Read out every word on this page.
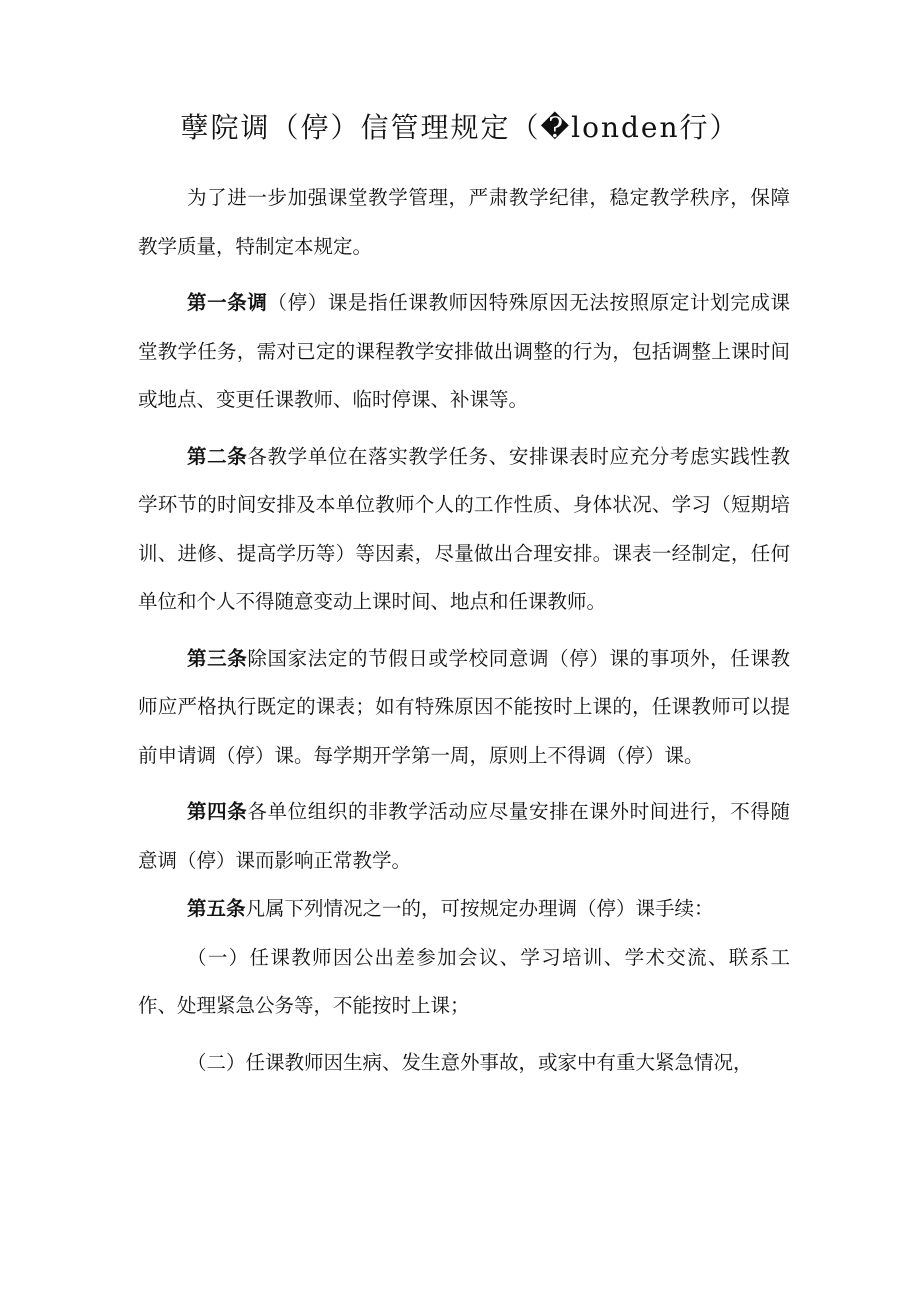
孽院调（停）信管理规定（�londen行）

为了进一步加强课堂教学管理，严肃教学纪律，稳定教学秩序，保障教学质量，特制定本规定。

第一条调（停）课是指任课教师因特殊原因无法按照原定计划完成课堂教学任务，需对已定的课程教学安排做出调整的行为，包括调整上课时间或地点、变更任课教师、临时停课、补课等。

第二条各教学单位在落实教学任务、安排课表时应充分考虑实践性教学环节的时间安排及本单位教师个人的工作性质、身体状况、学习（短期培训、进修、提高学历等）等因素，尽量做出合理安排。课表一经制定，任何单位和个人不得随意变动上课时间、地点和任课教师。

第三条除国家法定的节假日或学校同意调（停）课的事项外，任课教师应严格执行既定的课表；如有特殊原因不能按时上课的，任课教师可以提前申请调（停）课。每学期开学第一周，原则上不得调（停）课。

第四条各单位组织的非教学活动应尽量安排在课外时间进行，不得随意调（停）课而影响正常教学。

第五条凡属下列情况之一的，可按规定办理调（停）课手续：

（一）任课教师因公出差参加会议、学习培训、学术交流、联系工作、处理紧急公务等，不能按时上课；

（二）任课教师因生病、发生意外事故，或家中有重大紧急情况，
